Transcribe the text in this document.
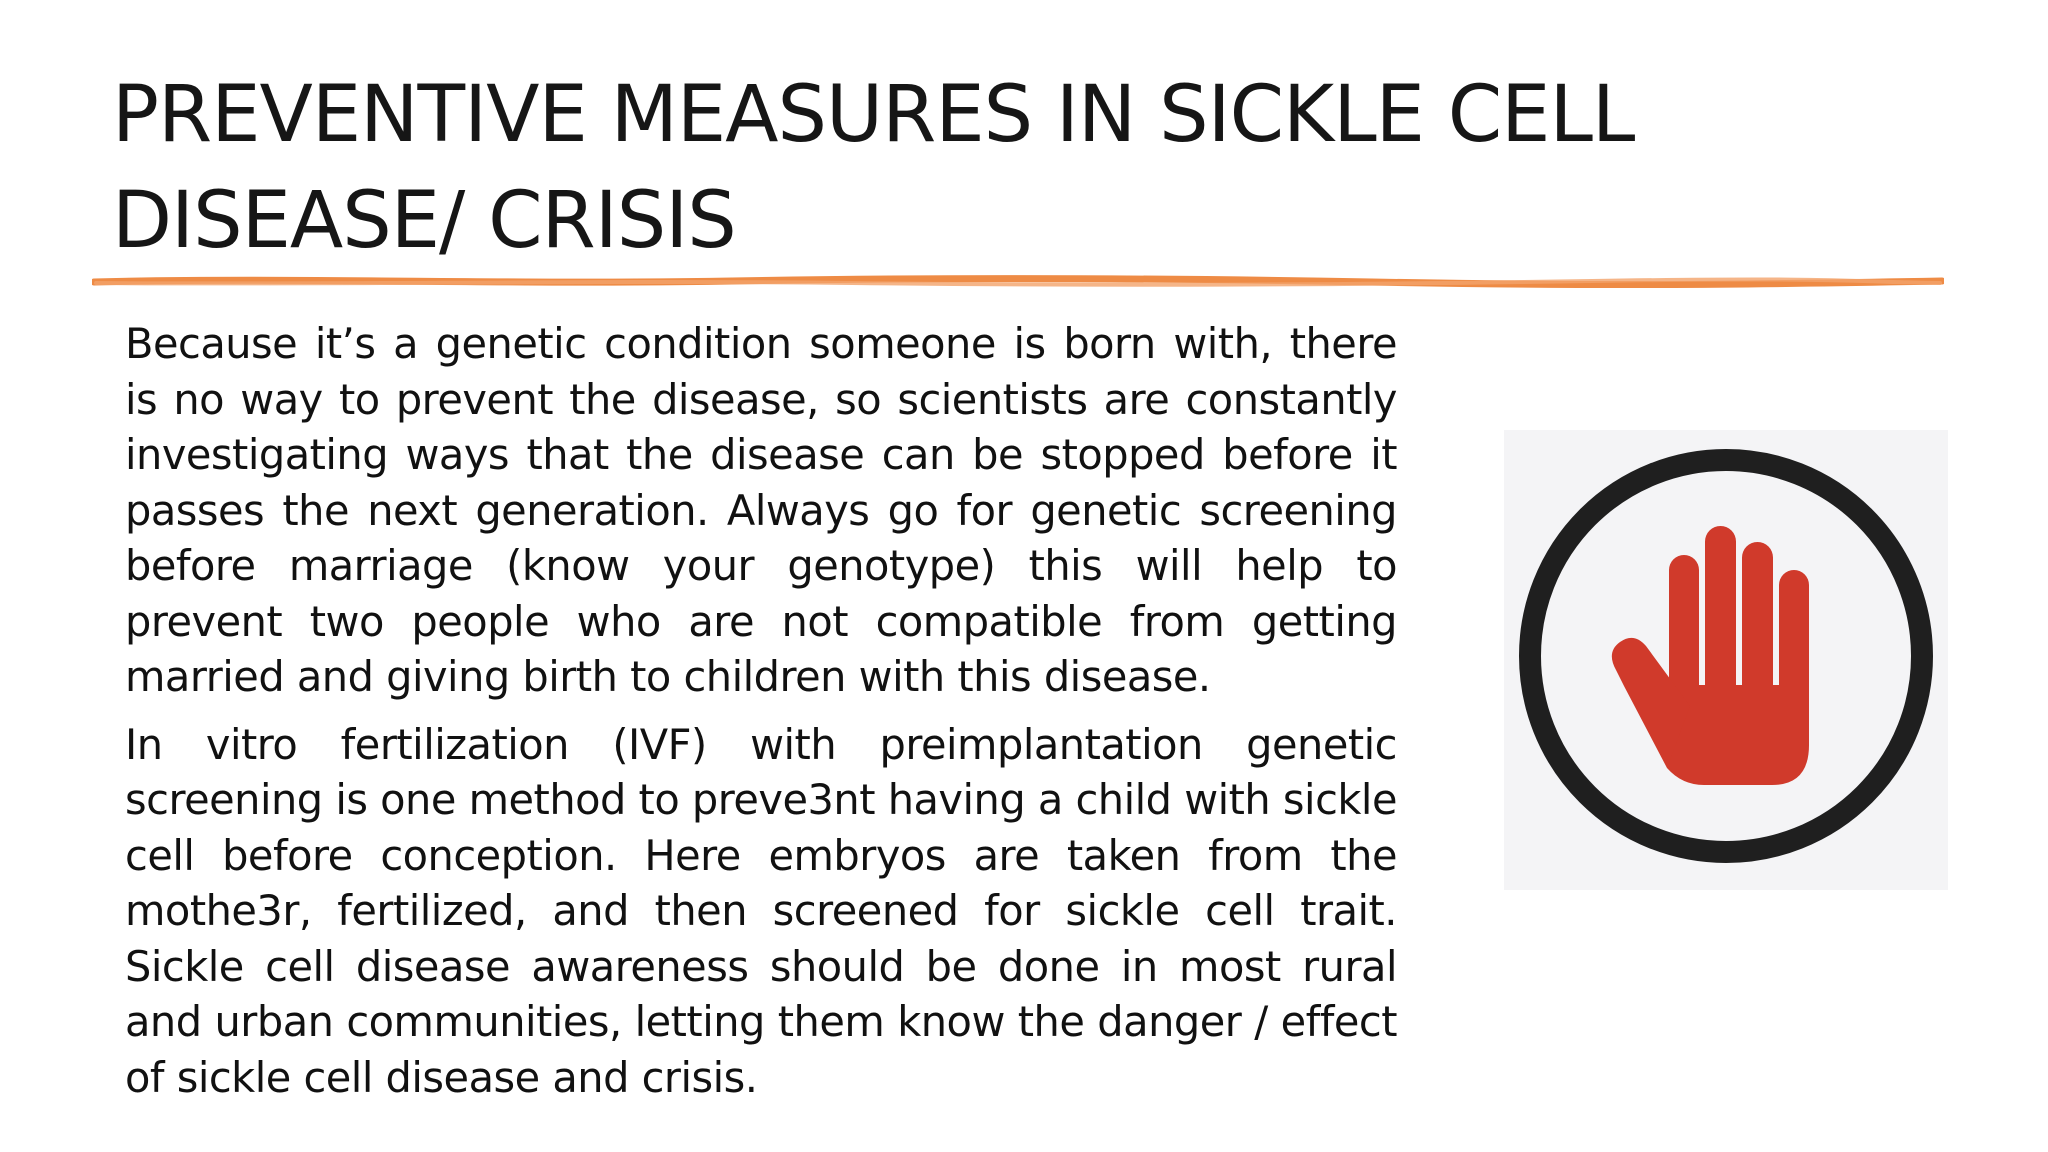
PREVENTIVE MEASURES IN SICKLE CELL DISEASE/ CRISIS

Because it’s a genetic condition someone is born with, there is no way to prevent the disease, so scientists are constantly investigating ways that the disease can be stopped before it passes the next generation. Always go for genetic screening before marriage (know your genotype) this will help to prevent two people who are not compatible from getting married and giving birth to children with this disease.

In vitro fertilization (IVF) with preimplantation genetic screening is one method to preve3nt having a child with sickle cell before conception. Here embryos are taken from the mothe3r, fertilized, and then screened for sickle cell trait. Sickle cell disease awareness should be done in most rural and urban communities, letting them know the danger / effect of sickle cell disease and crisis.
